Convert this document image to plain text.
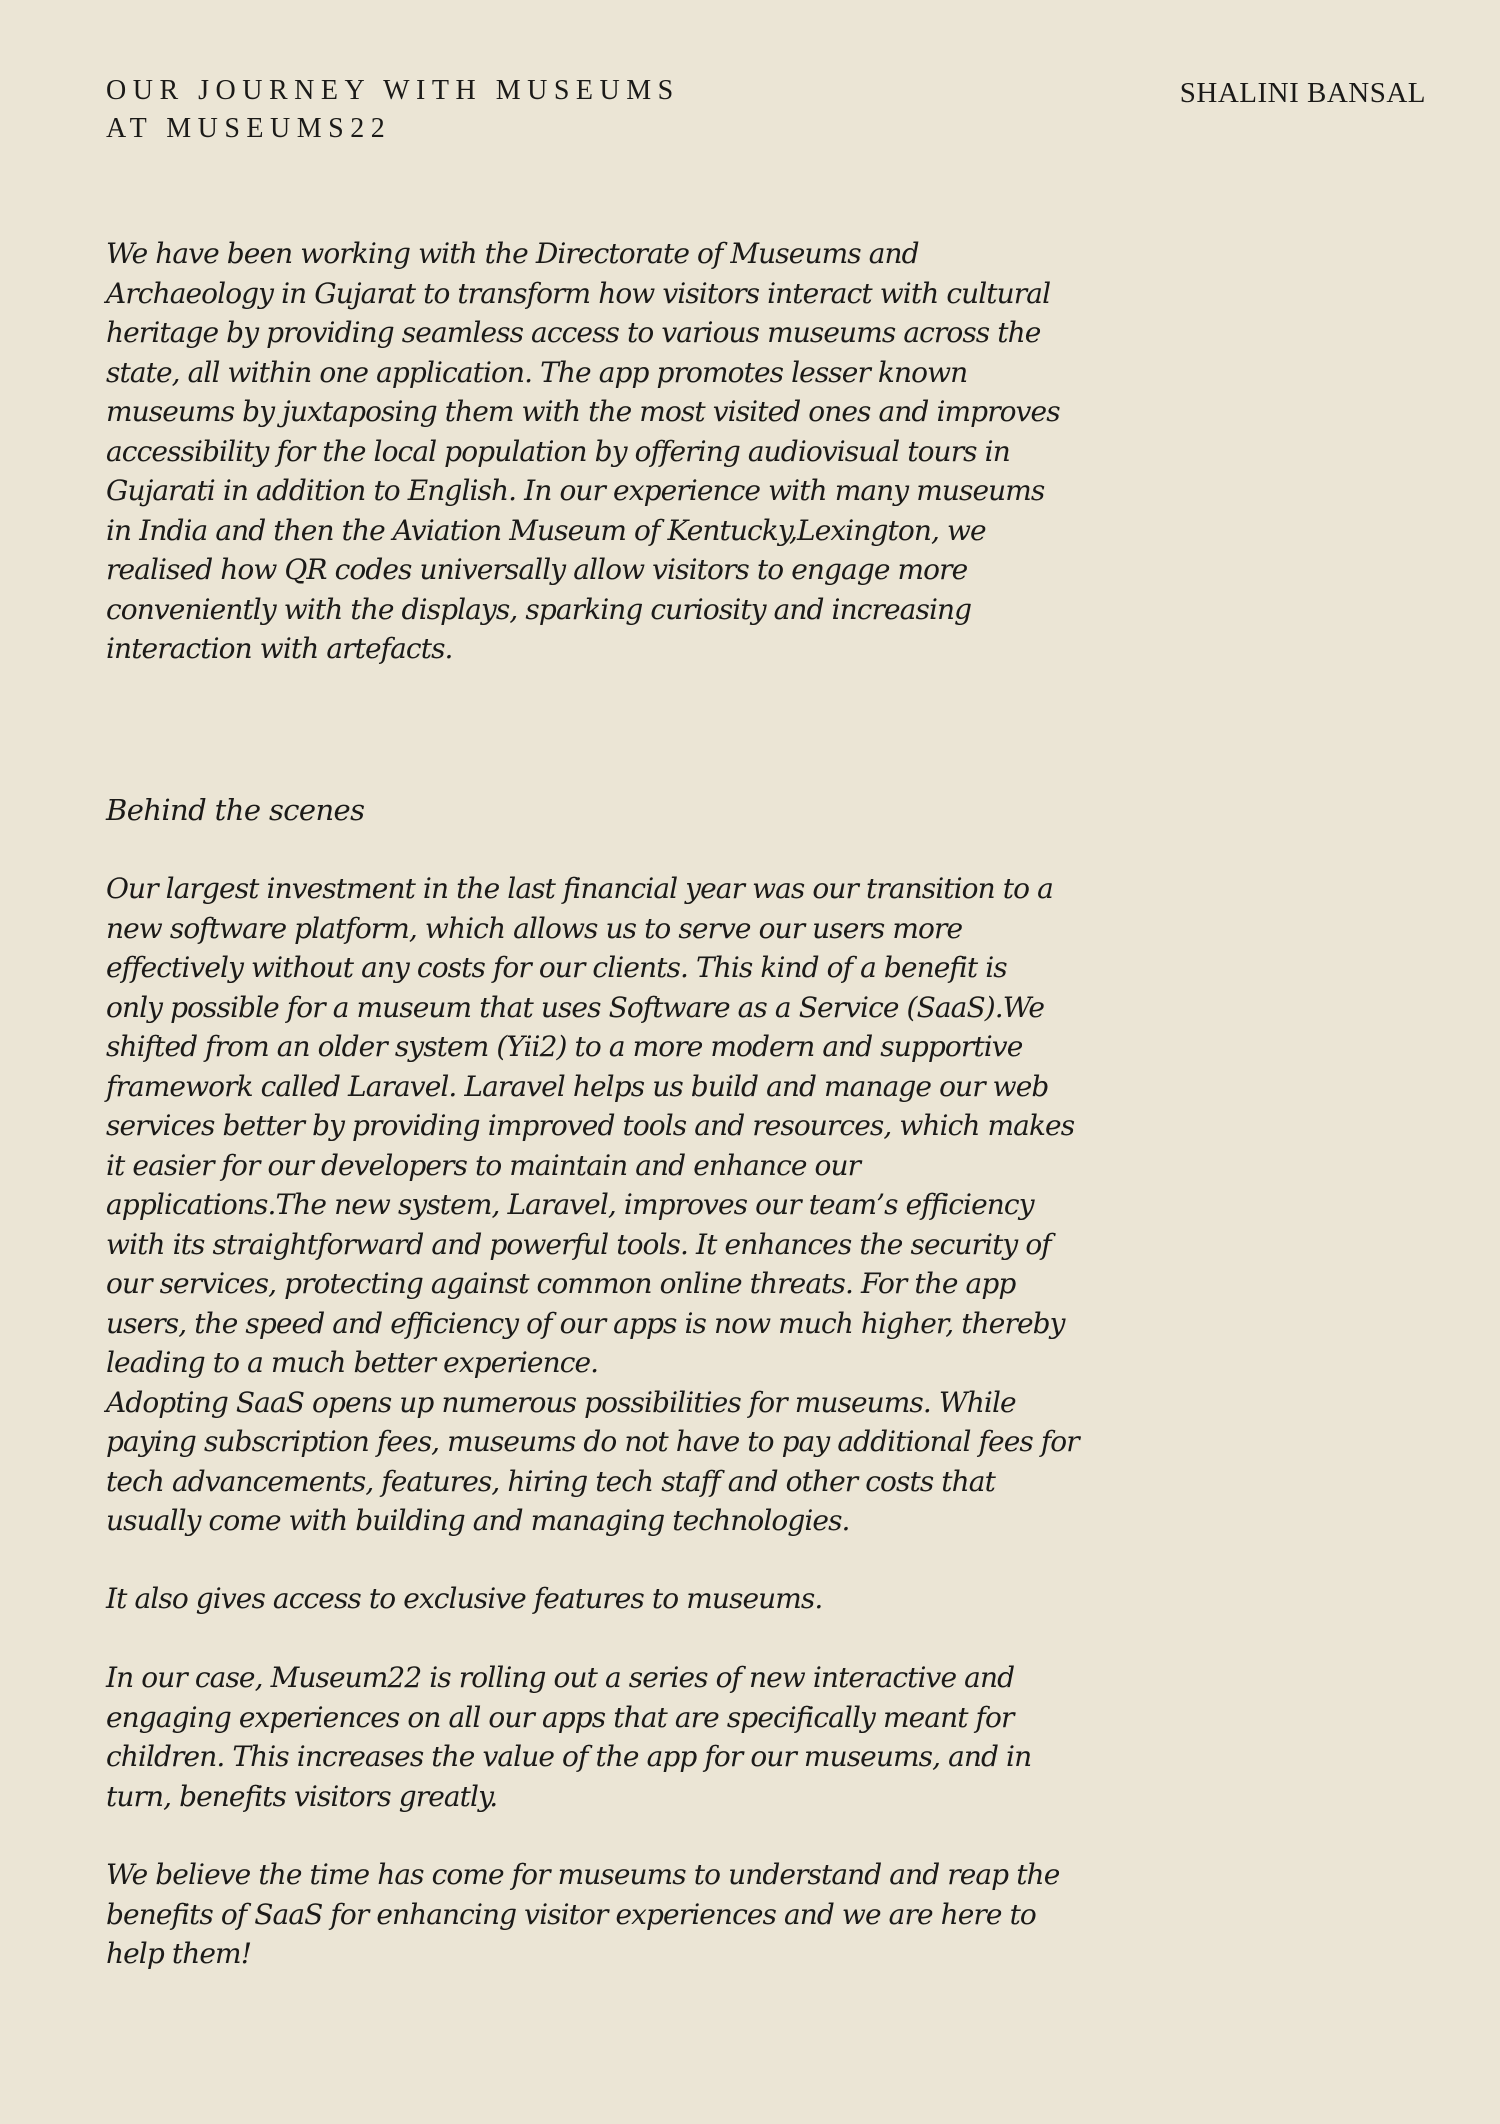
OUR JOURNEY WITH MUSEUMS
AT MUSEUMS22
SHALINI BANSAL

We have been working with the Directorate of Museums and
Archaeology in Gujarat to transform how visitors interact with cultural
heritage by providing seamless access to various museums across the
state, all within one application. The app promotes lesser known
museums by juxtaposing them with the most visited ones and improves
accessibility for the local population by offering audiovisual tours in
Gujarati in addition to English. In our experience with many museums
in India and then the Aviation Museum of Kentucky,Lexington, we
realised how QR codes universally allow visitors to engage more
conveniently with the displays, sparking curiosity and increasing
interaction with artefacts.

Behind the scenes

Our largest investment in the last financial year was our transition to a
new software platform, which allows us to serve our users more
effectively without any costs for our clients. This kind of a benefit is
only possible for a museum that uses Software as a Service (SaaS).We
shifted from an older system (Yii2) to a more modern and supportive
framework called Laravel. Laravel helps us build and manage our web
services better by providing improved tools and resources, which makes
it easier for our developers to maintain and enhance our
applications.The new system, Laravel, improves our team’s efficiency
with its straightforward and powerful tools. It enhances the security of
our services, protecting against common online threats. For the app
users, the speed and efficiency of our apps is now much higher, thereby
leading to a much better experience.
Adopting SaaS opens up numerous possibilities for museums. While
paying subscription fees, museums do not have to pay additional fees for
tech advancements, features, hiring tech staff and other costs that
usually come with building and managing technologies.

It also gives access to exclusive features to museums.

In our case, Museum22 is rolling out a series of new interactive and
engaging experiences on all our apps that are specifically meant for
children. This increases the value of the app for our museums, and in
turn, benefits visitors greatly.

We believe the time has come for museums to understand and reap the
benefits of SaaS for enhancing visitor experiences and we are here to
help them!
